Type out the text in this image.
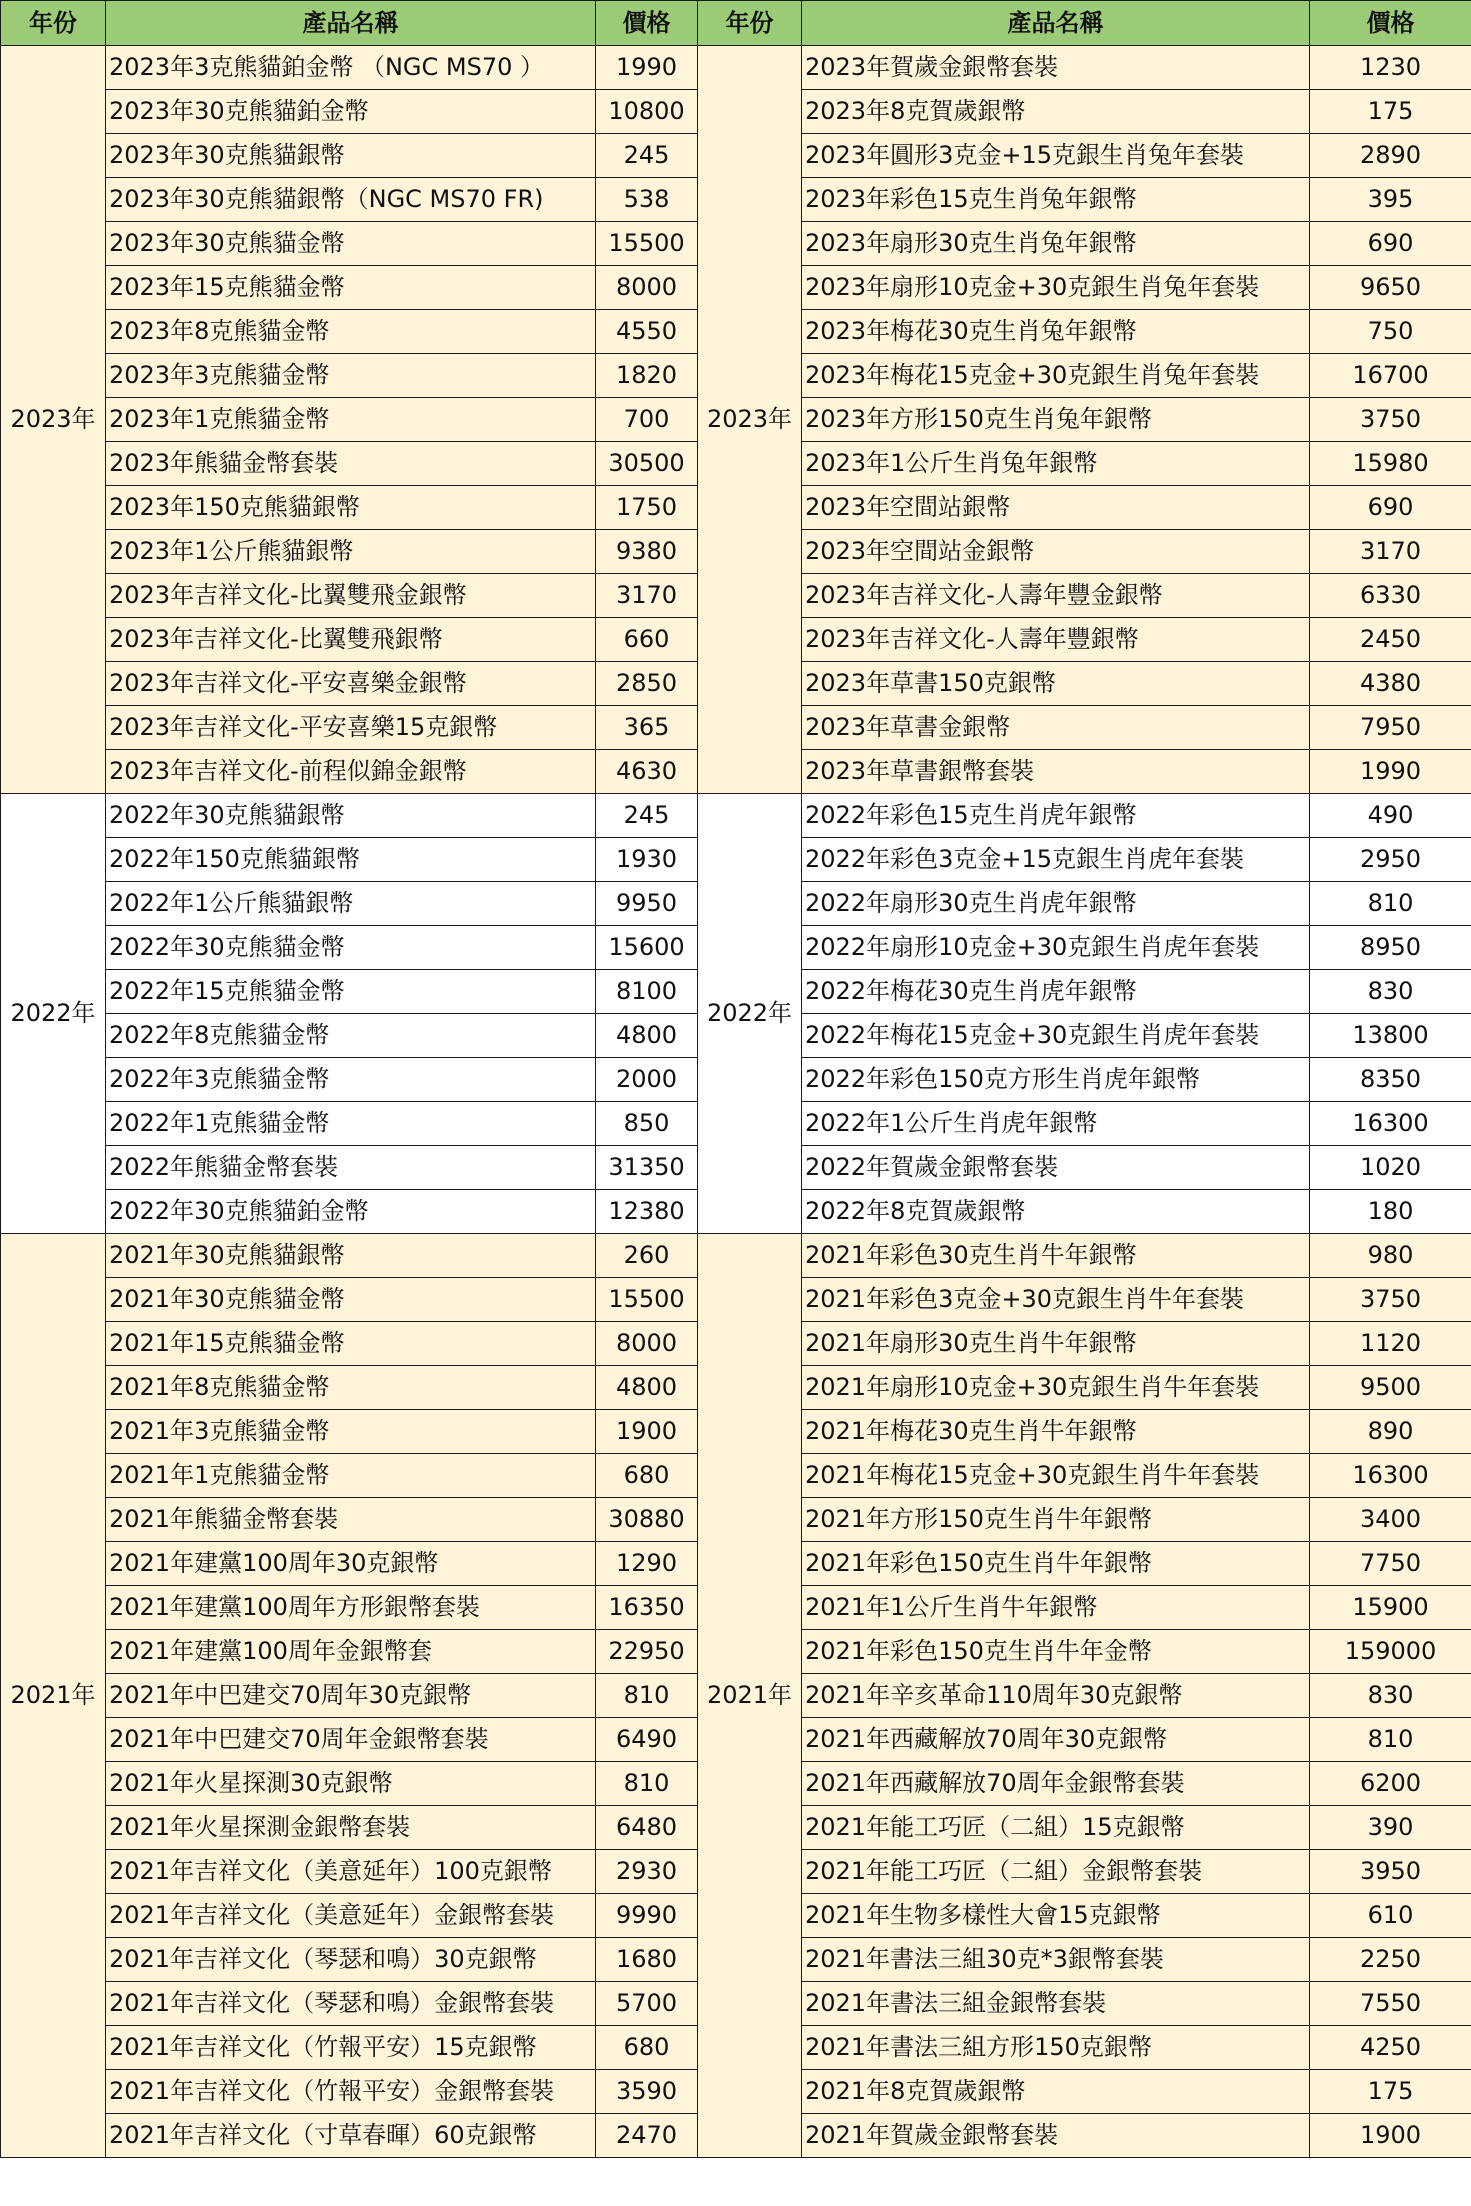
年份	產品名稱	價格	年份	產品名稱	價格
2023年	2023年3克熊貓鉑金幣 （NGC MS70 ）	1990	2023年	2023年賀歲金銀幣套裝	1230
	2023年30克熊貓鉑金幣	10800		2023年8克賀歲銀幣	175
	2023年30克熊貓銀幣	245		2023年圓形3克金+15克銀生肖兔年套裝	2890
	2023年30克熊貓銀幣（NGC MS70 FR)	538		2023年彩色15克生肖兔年銀幣	395
	2023年30克熊貓金幣	15500		2023年扇形30克生肖兔年銀幣	690
	2023年15克熊貓金幣	8000		2023年扇形10克金+30克銀生肖兔年套裝	9650
	2023年8克熊貓金幣	4550		2023年梅花30克生肖兔年銀幣	750
	2023年3克熊貓金幣	1820		2023年梅花15克金+30克銀生肖兔年套裝	16700
	2023年1克熊貓金幣	700		2023年方形150克生肖兔年銀幣	3750
	2023年熊貓金幣套裝	30500		2023年1公斤生肖兔年銀幣	15980
	2023年150克熊貓銀幣	1750		2023年空間站銀幣	690
	2023年1公斤熊貓銀幣	9380		2023年空間站金銀幣	3170
	2023年吉祥文化-比翼雙飛金銀幣	3170		2023年吉祥文化-人壽年豐金銀幣	6330
	2023年吉祥文化-比翼雙飛銀幣	660		2023年吉祥文化-人壽年豐銀幣	2450
	2023年吉祥文化-平安喜樂金銀幣	2850		2023年草書150克銀幣	4380
	2023年吉祥文化-平安喜樂15克銀幣	365		2023年草書金銀幣	7950
	2023年吉祥文化-前程似錦金銀幣	4630		2023年草書銀幣套裝	1990
2022年	2022年30克熊貓銀幣	245	2022年	2022年彩色15克生肖虎年銀幣	490
	2022年150克熊貓銀幣	1930		2022年彩色3克金+15克銀生肖虎年套裝	2950
	2022年1公斤熊貓銀幣	9950		2022年扇形30克生肖虎年銀幣	810
	2022年30克熊貓金幣	15600		2022年扇形10克金+30克銀生肖虎年套裝	8950
	2022年15克熊貓金幣	8100		2022年梅花30克生肖虎年銀幣	830
	2022年8克熊貓金幣	4800		2022年梅花15克金+30克銀生肖虎年套裝	13800
	2022年3克熊貓金幣	2000		2022年彩色150克方形生肖虎年銀幣	8350
	2022年1克熊貓金幣	850		2022年1公斤生肖虎年銀幣	16300
	2022年熊貓金幣套裝	31350		2022年賀歲金銀幣套裝	1020
	2022年30克熊貓鉑金幣	12380		2022年8克賀歲銀幣	180
2021年	2021年30克熊貓銀幣	260	2021年	2021年彩色30克生肖牛年銀幣	980
	2021年30克熊貓金幣	15500		2021年彩色3克金+30克銀生肖牛年套裝	3750
	2021年15克熊貓金幣	8000		2021年扇形30克生肖牛年銀幣	1120
	2021年8克熊貓金幣	4800		2021年扇形10克金+30克銀生肖牛年套裝	9500
	2021年3克熊貓金幣	1900		2021年梅花30克生肖牛年銀幣	890
	2021年1克熊貓金幣	680		2021年梅花15克金+30克銀生肖牛年套裝	16300
	2021年熊貓金幣套裝	30880		2021年方形150克生肖牛年銀幣	3400
	2021年建黨100周年30克銀幣	1290		2021年彩色150克生肖牛年銀幣	7750
	2021年建黨100周年方形銀幣套裝	16350		2021年1公斤生肖牛年銀幣	15900
	2021年建黨100周年金銀幣套	22950		2021年彩色150克生肖牛年金幣	159000
	2021年中巴建交70周年30克銀幣	810		2021年辛亥革命110周年30克銀幣	830
	2021年中巴建交70周年金銀幣套裝	6490		2021年西藏解放70周年30克銀幣	810
	2021年火星探測30克銀幣	810		2021年西藏解放70周年金銀幣套裝	6200
	2021年火星探測金銀幣套裝	6480		2021年能工巧匠（二組）15克銀幣	390
	2021年吉祥文化（美意延年）100克銀幣	2930		2021年能工巧匠（二組）金銀幣套裝	3950
	2021年吉祥文化（美意延年）金銀幣套裝	9990		2021年生物多樣性大會15克銀幣	610
	2021年吉祥文化（琴瑟和鳴）30克銀幣	1680		2021年書法三組30克*3銀幣套裝	2250
	2021年吉祥文化（琴瑟和鳴）金銀幣套裝	5700		2021年書法三組金銀幣套裝	7550
	2021年吉祥文化（竹報平安）15克銀幣	680		2021年書法三組方形150克銀幣	4250
	2021年吉祥文化（竹報平安）金銀幣套裝	3590		2021年8克賀歲銀幣	175
	2021年吉祥文化（寸草春暉）60克銀幣	2470		2021年賀歲金銀幣套裝	1900
